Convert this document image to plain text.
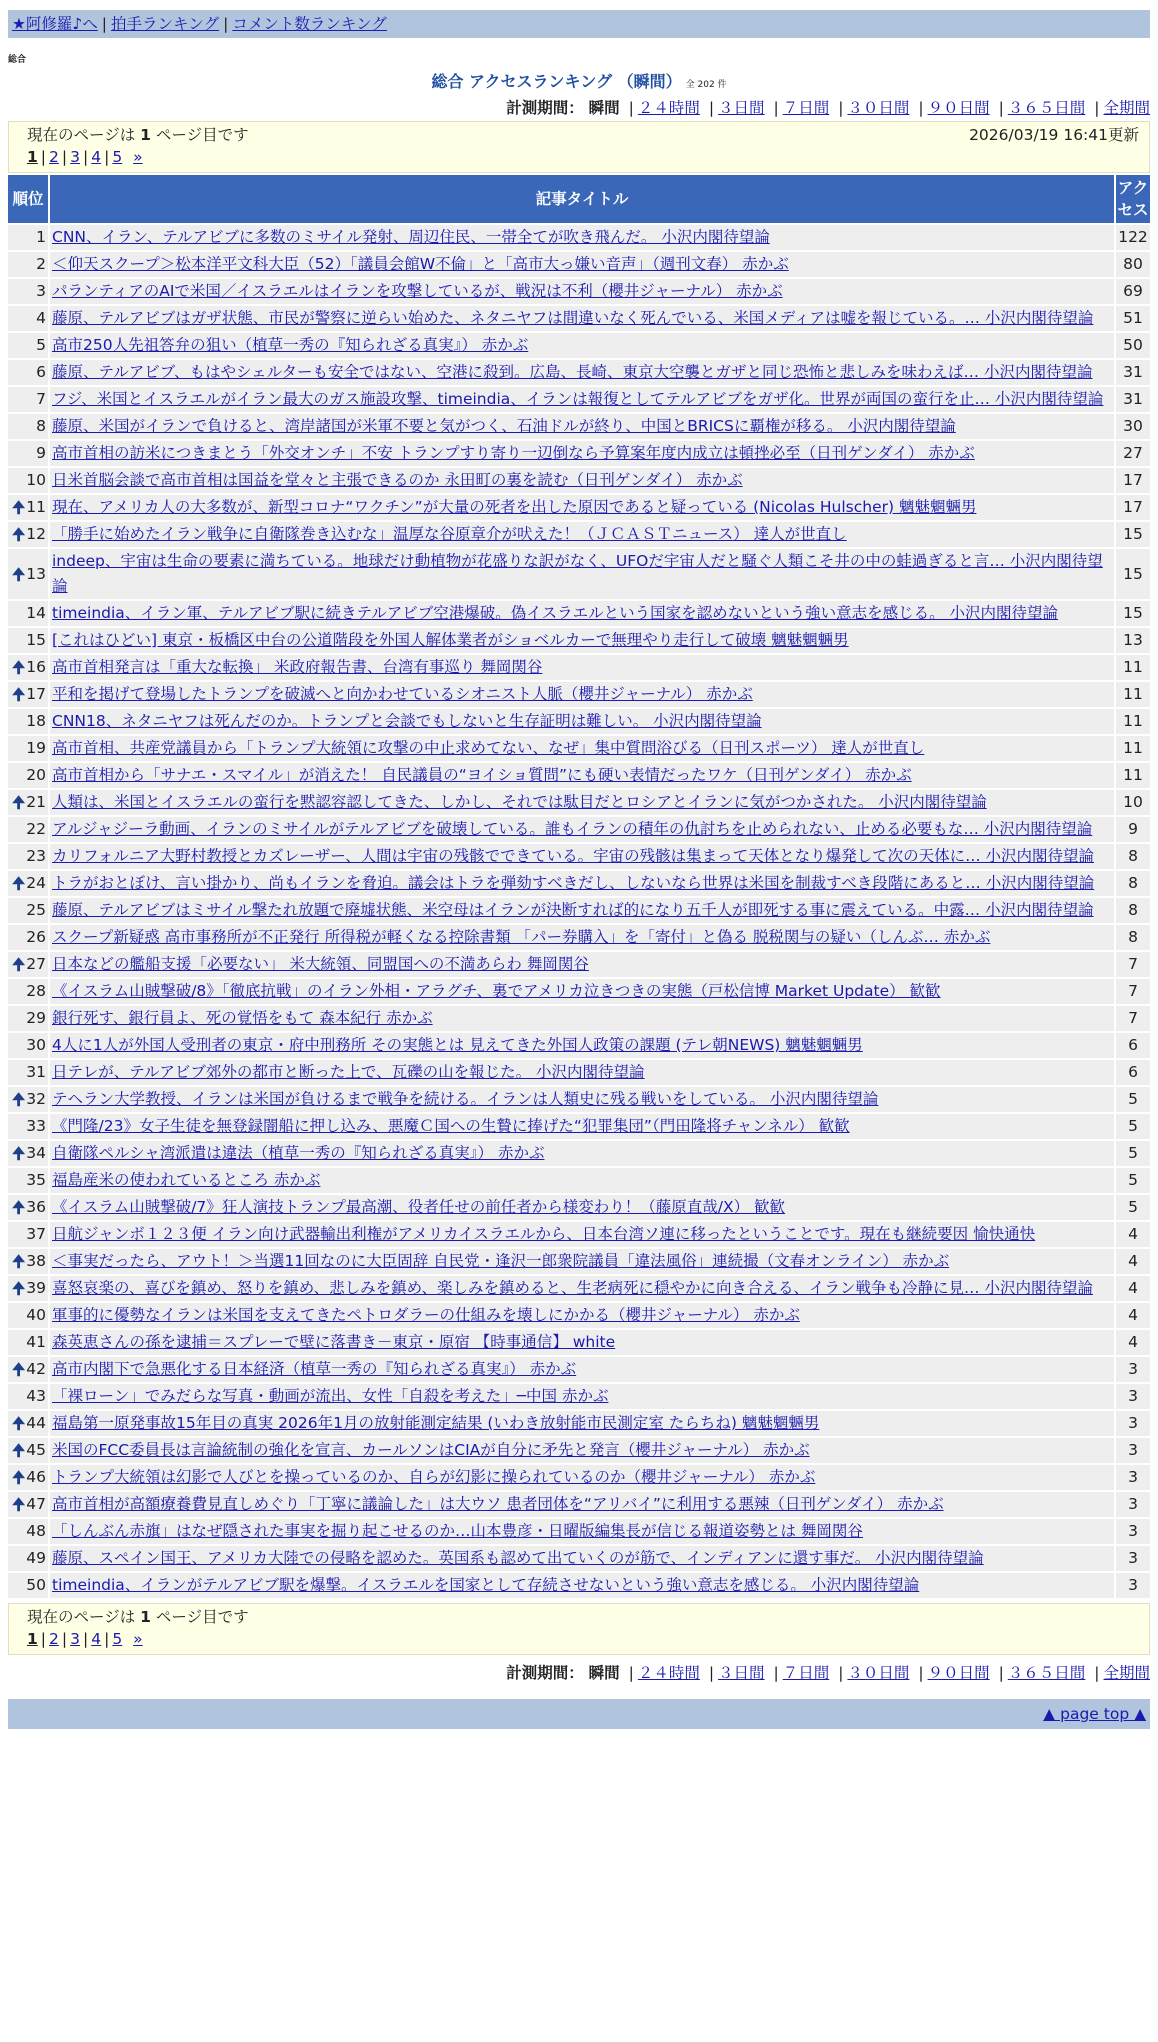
★阿修羅♪へ | 拍手ランキング | コメント数ランキング
総合
総合 アクセスランキング （瞬間） 全 202 件
計測期間： 瞬間 | ２４時間 | ３日間 | ７日間 | ３０日間 | ９０日間 | ３６５日間 | 全期間
現在のページは 1 ページ目です	2026/03/19 16:41更新
1 | 2 | 3 | 4 | 5 »
順位	記事タイトル	アクセス
1	CNN、イラン、テルアビブに多数のミサイル発射、周辺住民、一帯全てが吹き飛んだ。 小沢内閣待望論	122
2	＜仰天スクープ＞松本洋平文科大臣（52）「議員会館W不倫」と「高市大っ嫌い音声」（週刊文春） 赤かぶ	80
3	パランティアのAIで米国／イスラエルはイランを攻撃しているが、戦況は不利（櫻井ジャーナル） 赤かぶ	69
4	藤原、テルアビブはガザ状態、市民が警察に逆らい始めた、ネタニヤフは間違いなく死んでいる、米国メディアは嘘を報じている。… 小沢内閣待望論	51
5	高市250人先祖答弁の狙い（植草一秀の『知られざる真実』） 赤かぶ	50
6	藤原、テルアビブ、もはやシェルターも安全ではない、空港に殺到。広島、長崎、東京大空襲とガザと同じ恐怖と悲しみを味わえば… 小沢内閣待望論	31
7	フジ、米国とイスラエルがイラン最大のガス施設攻撃、timeindia、イランは報復としてテルアビブをガザ化。世界が両国の蛮行を止… 小沢内閣待望論	31
8	藤原、米国がイランで負けると、湾岸諸国が米軍不要と気がつく、石油ドルが終り、中国とBRICSに覇権が移る。 小沢内閣待望論	30
9	高市首相の訪米につきまとう「外交オンチ」不安 トランプすり寄り一辺倒なら予算案年度内成立は頓挫必至（日刊ゲンダイ） 赤かぶ	27
10	日米首脳会談で高市首相は国益を堂々と主張できるのか 永田町の裏を読む（日刊ゲンダイ） 赤かぶ	17

🠉 11	現在、アメリカ人の大多数が、新型コロナ“ワクチン”が大量の死者を出した原因であると疑っている (Nicolas Hulscher) 魑魅魍魎男	17

🠉 12	「勝手に始めたイラン戦争に自衛隊巻き込むな」温厚な谷原章介が吠えた！（ＪＣＡＳＴニュース） 達人が世直し	15

🠉 13	indeep、宇宙は生命の要素に満ちている。地球だけ動植物が花盛りな訳がなく、UFOだ宇宙人だと騒ぐ人類こそ井の中の蛙過ぎると言… 小沢内閣待望論	15
14	timeindia、イラン軍、テルアビブ駅に続きテルアビブ空港爆破。偽イスラエルという国家を認めないという強い意志を感じる。 小沢内閣待望論	15
15	[これはひどい] 東京・板橋区中台の公道階段を外国人解体業者がショベルカーで無理やり走行して破壊 魑魅魍魎男	13

🠉 16	高市首相発言は「重大な転換」 米政府報告書、台湾有事巡り 舞岡関谷	11

🠉 17	平和を掲げて登場したトランプを破滅へと向かわせているシオニスト人脈（櫻井ジャーナル） 赤かぶ	11
18	CNN18、ネタニヤフは死んだのか。トランプと会談でもしないと生存証明は難しい。 小沢内閣待望論	11
19	高市首相、共産党議員から「トランプ大統領に攻撃の中止求めてない、なぜ」集中質問浴びる（日刊スポーツ） 達人が世直し	11
20	高市首相から「サナエ・スマイル」が消えた！ 自民議員の“ヨイショ質問”にも硬い表情だったワケ（日刊ゲンダイ） 赤かぶ	11

🠉 21	人類は、米国とイスラエルの蛮行を黙認容認してきた、しかし、それでは駄目だとロシアとイランに気がつかされた。 小沢内閣待望論	10
22	アルジャジーラ動画、イランのミサイルがテルアビブを破壊している。誰もイランの積年の仇討ちを止められない、止める必要もな… 小沢内閣待望論	9
23	カリフォルニア大野村教授とカズレーザー、人間は宇宙の残骸でできている。宇宙の残骸は集まって天体となり爆発して次の天体に… 小沢内閣待望論	8

🠉 24	トラがおとぼけ、言い掛かり、尚もイランを脅迫。議会はトラを弾劾すべきだし、しないなら世界は米国を制裁すべき段階にあると… 小沢内閣待望論	8
25	藤原、テルアビブはミサイル撃たれ放題で廃墟状態、米空母はイランが決断すれば的になり五千人が即死する事に震えている。中露… 小沢内閣待望論	8
26	スクープ新疑惑 高市事務所が不正発行 所得税が軽くなる控除書類 「パー券購入」を「寄付」と偽る 脱税関与の疑い（しんぶ… 赤かぶ	8

🠉 27	日本などの艦船支援「必要ない」 米大統領、同盟国への不満あらわ 舞岡関谷	7
28	《イスラム山賊撃破/8》「徹底抗戦」のイラン外相・アラグチ、裏でアメリカ泣きつきの実態（戸松信博 Market Update） 歓歓	7
29	銀行死す、銀行員よ、死の覚悟をもて 森本紀行 赤かぶ	7
30	4人に1人が外国人受刑者の東京・府中刑務所 その実態とは 見えてきた外国人政策の課題 (テレ朝NEWS) 魑魅魍魎男	6
31	日テレが、テルアビブ郊外の都市と断った上で、瓦礫の山を報じた。 小沢内閣待望論	6

🠉 32	テヘラン大学教授、イランは米国が負けるまで戦争を続ける。イランは人類史に残る戦いをしている。 小沢内閣待望論	5
33	《門隆/23》女子生徒を無登録闇船に押し込み、悪魔Ｃ国への生贄に捧げた“犯罪集団”（門田隆将チャンネル） 歓歓	5

🠉 34	自衛隊ペルシャ湾派遣は違法（植草一秀の『知られざる真実』） 赤かぶ	5
35	福島産米の使われているところ 赤かぶ	5

🠉 36	《イスラム山賊撃破/7》狂人演技トランプ最高潮、役者任せの前任者から様変わり！（藤原直哉/X） 歓歓	5
37	日航ジャンボ１２３便 イラン向け武器輸出利権がアメリカイスラエルから、日本台湾ソ連に移ったということです。現在も継続要因 愉快通快	4

🠉 38	＜事実だったら、アウト！＞当選11回なのに大臣固辞 自民党・逢沢一郎衆院議員「違法風俗」連続撮（文春オンライン） 赤かぶ	4

🠉 39	喜怒哀楽の、喜びを鎮め、怒りを鎮め、悲しみを鎮め、楽しみを鎮めると、生老病死に穏やかに向き合える、イラン戦争も冷静に見… 小沢内閣待望論	4
40	軍事的に優勢なイランは米国を支えてきたペトロダラーの仕組みを壊しにかかる（櫻井ジャーナル） 赤かぶ	4
41	森英恵さんの孫を逮捕＝スプレーで壁に落書き－東京・原宿 【時事通信】 white	4

🠉 42	高市内閣下で急悪化する日本経済（植草一秀の『知られざる真実』） 赤かぶ	3
43	「裸ローン」でみだらな写真・動画が流出、女性「自殺を考えた」─中国 赤かぶ	3

🠉 44	福島第一原発事故15年目の真実 2026年1月の放射能測定結果 (いわき放射能市民測定室 たらちね) 魑魅魍魎男	3

🠉 45	米国のFCC委員長は言論統制の強化を宣言、カールソンはCIAが自分に矛先と発言（櫻井ジャーナル） 赤かぶ	3

🠉 46	トランプ大統領は幻影で人びとを操っているのか、自らが幻影に操られているのか（櫻井ジャーナル） 赤かぶ	3

🠉 47	高市首相が高額療養費見直しめぐり「丁寧に議論した」は大ウソ 患者団体を“アリバイ”に利用する悪辣（日刊ゲンダイ） 赤かぶ	3
48	「しんぶん赤旗」はなぜ隠された事実を掘り起こせるのか…山本豊彦・日曜版編集長が信じる報道姿勢とは 舞岡関谷	3
49	藤原、スペイン国王、アメリカ大陸での侵略を認めた。英国系も認めて出ていくのが筋で、インディアンに還す事だ。 小沢内閣待望論	3
50	timeindia、イランがテルアビブ駅を爆撃。イスラエルを国家として存続させないという強い意志を感じる。 小沢内閣待望論	3
現在のページは 1 ページ目です
1 | 2 | 3 | 4 | 5 »
計測期間： 瞬間 | ２４時間 | ３日間 | ７日間 | ３０日間 | ９０日間 | ３６５日間 | 全期間
▲ page top ▲
